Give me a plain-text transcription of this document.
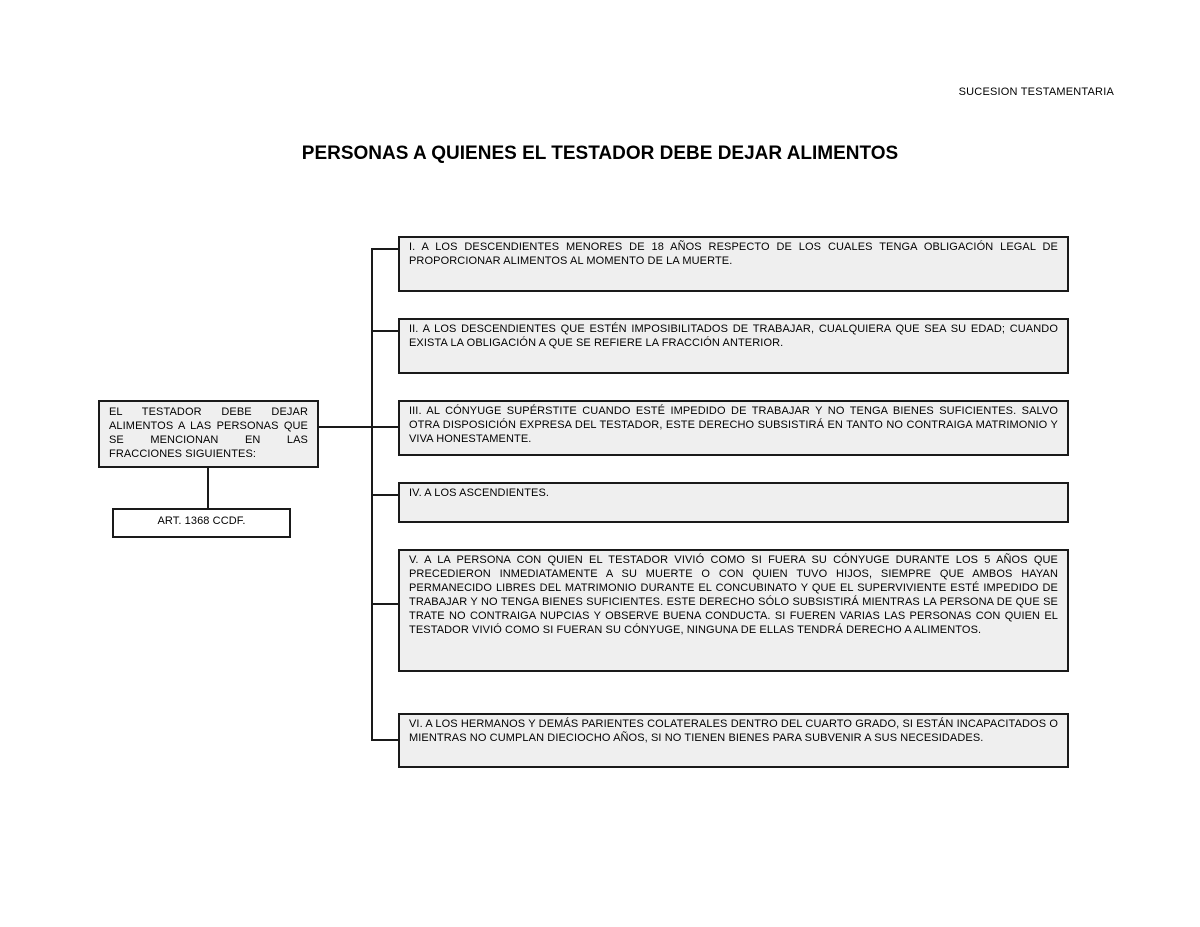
SUCESION TESTAMENTARIA
PERSONAS A QUIENES EL TESTADOR DEBE DEJAR ALIMENTOS
EL TESTADOR DEBE DEJAR ALIMENTOS A LAS PERSONAS QUE SE MENCIONAN EN LAS FRACCIONES SIGUIENTES:
ART. 1368 CCDF.
I. A LOS DESCENDIENTES MENORES DE 18 AÑOS RESPECTO DE LOS CUALES TENGA OBLIGACIÓN LEGAL DE PROPORCIONAR ALIMENTOS AL MOMENTO DE LA MUERTE.
II. A LOS DESCENDIENTES QUE ESTÉN IMPOSIBILITADOS DE TRABAJAR, CUALQUIERA QUE SEA SU EDAD; CUANDO EXISTA LA OBLIGACIÓN A QUE SE REFIERE LA FRACCIÓN ANTERIOR.
III. AL CÓNYUGE SUPÉRSTITE CUANDO ESTÉ IMPEDIDO DE TRABAJAR Y NO TENGA BIENES SUFICIENTES. SALVO OTRA DISPOSICIÓN EXPRESA DEL TESTADOR, ESTE DERECHO SUBSISTIRÁ EN TANTO NO CONTRAIGA MATRIMONIO Y VIVA HONESTAMENTE.
IV. A LOS ASCENDIENTES.
V. A LA PERSONA CON QUIEN EL TESTADOR VIVIÓ COMO SI FUERA SU CÓNYUGE DURANTE LOS 5 AÑOS QUE PRECEDIERON INMEDIATAMENTE A SU MUERTE O CON QUIEN TUVO HIJOS, SIEMPRE QUE AMBOS HAYAN PERMANECIDO LIBRES DEL MATRIMONIO DURANTE EL CONCUBINATO Y QUE EL SUPERVIVIENTE ESTÉ IMPEDIDO DE TRABAJAR Y NO TENGA BIENES SUFICIENTES. ESTE DERECHO SÓLO SUBSISTIRÁ MIENTRAS LA PERSONA DE QUE SE TRATE NO CONTRAIGA NUPCIAS Y OBSERVE BUENA CONDUCTA. SI FUEREN VARIAS LAS PERSONAS CON QUIEN EL TESTADOR VIVIÓ COMO SI FUERAN SU CÓNYUGE, NINGUNA DE ELLAS TENDRÁ DERECHO A ALIMENTOS.
VI. A LOS HERMANOS Y DEMÁS PARIENTES COLATERALES DENTRO DEL CUARTO GRADO, SI ESTÁN INCAPACITADOS O MIENTRAS NO CUMPLAN DIECIOCHO AÑOS, SI NO TIENEN BIENES PARA SUBVENIR A SUS NECESIDADES.
